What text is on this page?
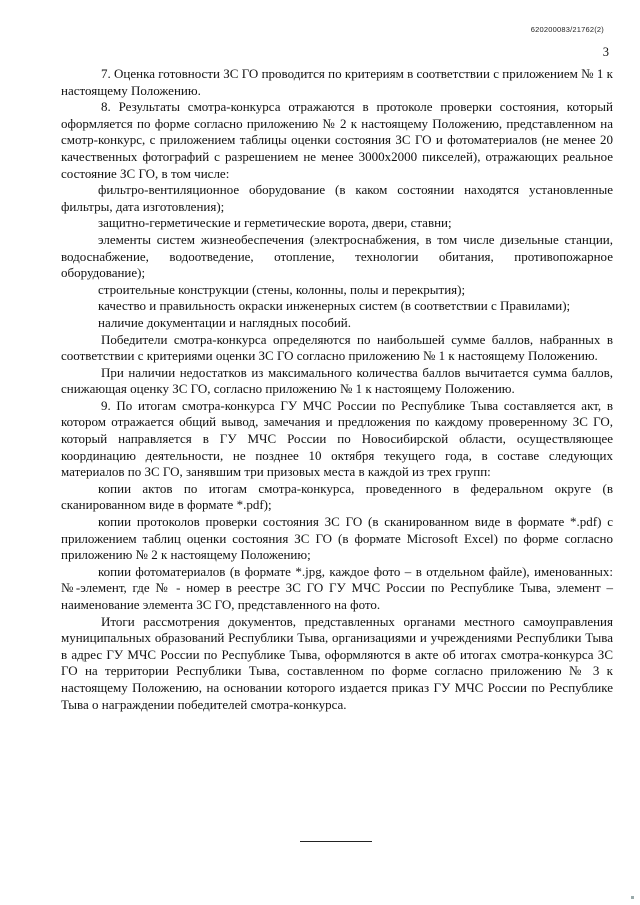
620200083/21762(2)
3

7. Оценка готовности ЗС ГО проводится по критериям в соответствии с приложением № 1 к настоящему Положению.

8. Результаты смотра-конкурса отражаются в протоколе проверки состояния, который оформляется по форме согласно приложению № 2 к настоящему Положению, представленном на смотр-конкурс, с приложением таблицы оценки состояния ЗС ГО и фотоматериалов (не менее 20 качественных фотографий с разрешением не менее 3000х2000 пикселей), отражающих реальное состояние ЗС ГО, в том числе:

фильтро-вентиляционное оборудование (в каком состоянии находятся установленные фильтры, дата изготовления);

защитно-герметические и герметические ворота, двери, ставни;

элементы систем жизнеобеспечения (электроснабжения, в том числе дизельные станции, водоснабжение, водоотведение, отопление, технологии обитания, противопожарное оборудование);

строительные конструкции (стены, колонны, полы и перекрытия);

качество и правильность окраски инженерных систем (в соответствии с Правилами);

наличие документации и наглядных пособий.

Победители смотра-конкурса определяются по наибольшей сумме баллов, набранных в соответствии с критериями оценки ЗС ГО согласно приложению № 1 к настоящему Положению.

При наличии недостатков из максимального количества баллов вычитается сумма баллов, снижающая оценку ЗС ГО, согласно приложению № 1 к настоящему Положению.

9. По итогам смотра-конкурса ГУ МЧС России по Республике Тыва составляется акт, в котором отражается общий вывод, замечания и предложения по каждому проверенному ЗС ГО, который направляется в ГУ МЧС России по Новосибирской области, осуществляющее координацию деятельности, не позднее 10 октября текущего года, в составе следующих материалов по ЗС ГО, занявшим три призовых места в каждой из трех групп:

копии актов по итогам смотра-конкурса, проведенного в федеральном округе (в сканированном виде в формате *.pdf);

копии протоколов проверки состояния ЗС ГО (в сканированном виде в формате *.pdf) с приложением таблиц оценки состояния ЗС ГО (в формате Microsoft Excel) по форме согласно приложению № 2 к настоящему Положению;

копии фотоматериалов (в формате *.jpg, каждое фото – в отдельном файле), именованных: №-элемент, где № - номер в реестре ЗС ГО ГУ МЧС России по Республике Тыва, элемент – наименование элемента ЗС ГО, представленного на фото.

Итоги рассмотрения документов, представленных органами местного самоуправления муниципальных образований Республики Тыва, организациями и учреждениями Республики Тыва в адрес ГУ МЧС России по Республике Тыва, оформляются в акте об итогах смотра-конкурса ЗС ГО на территории Республики Тыва, составленном по форме согласно приложению № 3 к настоящему Положению, на основании которого издается приказ ГУ МЧС России по Республике Тыва о награждении победителей смотра-конкурса.
